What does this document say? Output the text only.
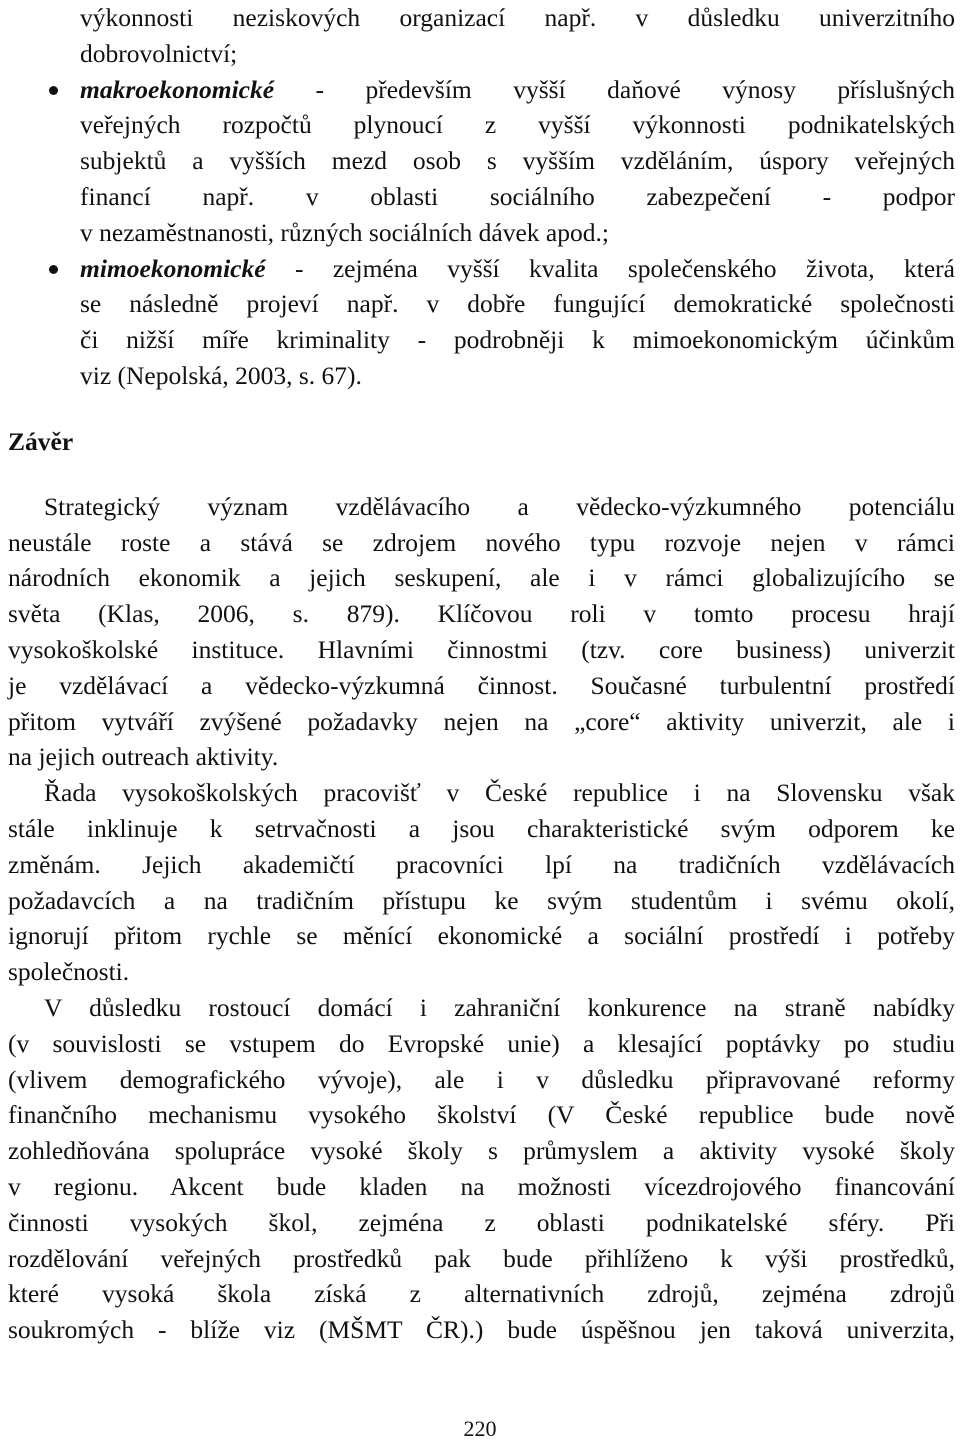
výkonnosti neziskových organizací např. v důsledku univerzitního
dobrovolnictví;
makroekonomické - především vyšší daňové výnosy příslušných
veřejných rozpočtů plynoucí z vyšší výkonnosti podnikatelských
subjektů a vyšších mezd osob s vyšším vzděláním, úspory veřejných
financí např. v oblasti sociálního zabezpečení - podpor
v nezaměstnanosti, různých sociálních dávek apod.;
mimoekonomické - zejména vyšší kvalita společenského života, která
se následně projeví např. v dobře fungující demokratické společnosti
či nižší míře kriminality - podrobněji k mimoekonomickým účinkům
viz (Nepolská, 2003, s. 67).
Závěr
Strategický význam vzdělávacího a vědecko-výzkumného potenciálu
neustále roste a stává se zdrojem nového typu rozvoje nejen v rámci
národních ekonomik a jejich seskupení, ale i v rámci globalizujícího se
světa (Klas, 2006, s. 879). Klíčovou roli v tomto procesu hrají
vysokoškolské instituce. Hlavními činnostmi (tzv. core business) univerzit
je vzdělávací a vědecko-výzkumná činnost. Současné turbulentní prostředí
přitom vytváří zvýšené požadavky nejen na „core“ aktivity univerzit, ale i
na jejich outreach aktivity.
Řada vysokoškolských pracovišť v České republice i na Slovensku však
stále inklinuje k setrvačnosti a jsou charakteristické svým odporem ke
změnám. Jejich akademičtí pracovníci lpí na tradičních vzdělávacích
požadavcích a na tradičním přístupu ke svým studentům i svému okolí,
ignorují přitom rychle se měnící ekonomické a sociální prostředí i potřeby
společnosti.
V důsledku rostoucí domácí i zahraniční konkurence na straně nabídky
(v souvislosti se vstupem do Evropské unie) a klesající poptávky po studiu
(vlivem demografického vývoje), ale i v důsledku připravované reformy
finančního mechanismu vysokého školství (V České republice bude nově
zohledňována spolupráce vysoké školy s průmyslem a aktivity vysoké školy
v regionu. Akcent bude kladen na možnosti vícezdrojového financování
činnosti vysokých škol, zejména z oblasti podnikatelské sféry. Při
rozdělování veřejných prostředků pak bude přihlíženo k výši prostředků,
které vysoká škola získá z alternativních zdrojů, zejména zdrojů
soukromých - blíže viz (MŠMT ČR).) bude úspěšnou jen taková univerzita,
220
